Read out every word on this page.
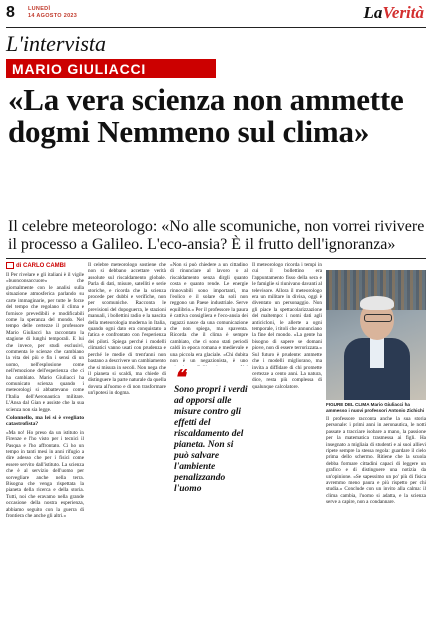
8 LUNEDÌ
14 AGOSTO 2023	LaVerità
L'intervista
MARIO GIULIACCI
«La vera scienza non ammette dogmi Nemmeno sul clima»
Il celebre meteorologo: «No alle scomuniche, non vorrei rivivere il processo a Galileo. L'eco-ansia? È il frutto dell'ignoranza»
di CARLO CAMBI

Il Per rivelare e gli italiani è il vigile «buonconsaccuore» che giornalmente con le analisi sulla situazione atmosferica parlando su carte immaginarie, per tutte le forze del tempo che regolano il clima e fornisce prevedibili e modificabili come la speranza del mondo. Nel tempo delle certezze il professore Mario Giuliacci ha raccontato la stagione di lunghi temporali. E lui che invece, per studi esclusivi, commenta le scienze che cambiano la vita dei più e fin i sensi di un uomo, nell'esplosione come nell'emozione dell'esperienza che ci ha cambiato. Mario Giuliacci ha comunicato scienza quando i meteorologi si abbattevano come l'Italia dell'Aeronautica militare. L'Ansa dal Gian e assiste che la sua scienza non sia legge.

Colonnello, ma lei si è svegliato catastrofista?

«Ma no! Ho preso da un istituto in Firenze e l'ho visto per i tecnici il Pasqua e l'ho affrontato. Ci ho un tempo in tanti mesi in anni rifugio a dire adesso che per i fisici come essere servito dall'istituto. La scienza che è al servizio dell'uomo per sorvegliare anche nella terra. Bisogna che venga rispettata la pianeta della ricerca e della storia. Tutti, noi che eravamo nella grande occasione della nostra esperienza, abbiamo seguito con la guerra di frontiera che anche gli altri.»

Il celebre meteorologo sostiene che non si debbano accettare verità assolute sul riscaldamento globale. Parla di dati, misure, satelliti e serie storiche, e ricorda che la scienza procede per dubbi e verifiche, non per scomuniche. Racconta le previsioni del dopoguerra, le stazioni manuali, i bollettini radio e la nascita della meteorologia moderna in Italia, quando ogni dato era conquistato a fatica e confrontato con l'esperienza dei piloti. Spiega perché i modelli climatici vanno usati con prudenza e perché le medie di trent'anni non bastano a descrivere un cambiamento che si misura in secoli. Non nega che il pianeta si scaldi, ma chiede di distinguere la parte naturale da quella dovuta all'uomo e di non trasformare un'ipotesi in dogma.

«Non si può chiedere a un cittadino di rinunciare al lavoro o al riscaldamento senza dirgli quanto costa e quanto rende. Le energie rinnovabili sono importanti, ma l'eolico e il solare da soli non reggono un Paese industriale. Serve equilibrio.» Per il professore la paura è cattiva consigliera e l'eco-ansia dei ragazzi nasce da una comunicazione che non spiega, ma spaventa. Ricorda che il clima è sempre cambiato, che ci sono stati periodi caldi in epoca romana e medievale e una piccola era glaciale. «Chi dubita non è un negazionista, è uno

❝
Sono propri i verdi ad opporsi alle misure contro gli effetti del riscaldamento del pianeta. Non si può salvare l'ambiente penalizzando l'uomo

Il meteorologo ricorda i tempi in cui il bollettino era l'appuntamento fisso della sera e le famiglie si riunivano davanti al televisore. Allora il meteorologo era un militare in divisa, oggi è diventato un personaggio. Non gli piace la spettacolarizzazione del maltempo: i nomi dati agli anticicloni, le allerte a ogni temporale, i titoli che annunciano la fine del mondo. «La gente ha bisogno di sapere se domani piove, non di essere terrorizzata.» Sul futuro è prudente: ammette che i modelli migliorano, ma invita a diffidare di chi promette certezze a cento anni. La natura, dice, resta più complessa di qualunque calcolatore.

FIGURE DEL CLIMA Mario Giuliacci ha ammesso i nuovi professori Antonio Zichichi

Il professore racconta anche la sua storia personale: i primi anni in aeronautica, le notti passate a tracciare isobare a mano, la passione per la matematica trasmessa ai figli. Ha insegnato a migliaia di studenti e ai suoi allievi ripete sempre la stessa regola: guardare il cielo prima dello schermo. Ritiene che la scuola debba formare cittadini capaci di leggere un grafico e di distinguere una notizia da un'opinione. «Se sapessimo un po' più di fisica avremmo meno paura e più rispetto per chi studia.» Conclude con un invito alla calma: il clima cambia, l'uomo si adatta, e la scienza serve a capire, non a condannare.
